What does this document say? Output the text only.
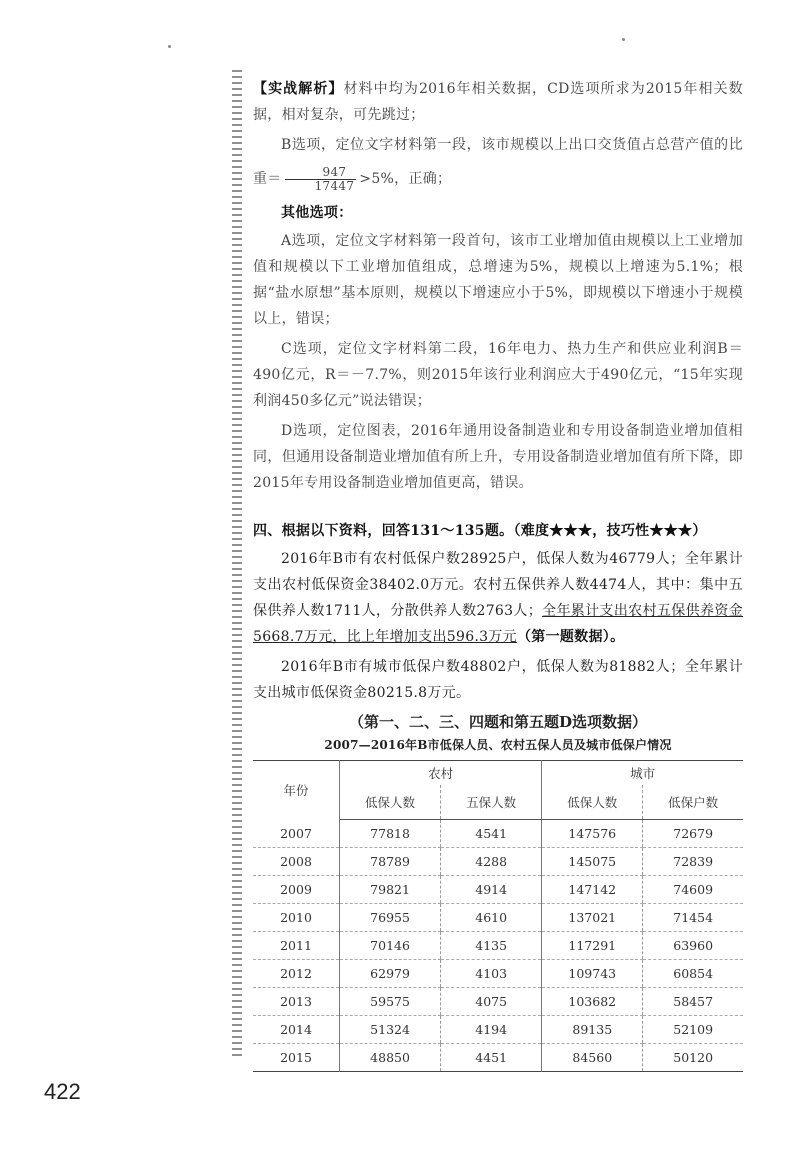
【实战解析】材料中均为2016年相关数据，CD选项所求为2015年相关数据，相对复杂，可先跳过；

B选项，定位文字材料第一段，该市规模以上出口交货值占总营产值的比重＝ $\frac{947}{17447} >5\%$，正确；

其他选项：

A选项，定位文字材料第一段首句，该市工业增加值由规模以上工业增加值和规模以下工业增加值组成，总增速为5%，规模以上增速为5.1%；根据“盐水原想”基本原则，规模以下增速应小于5%，即规模以下增速小于规模以上，错误；

C选项，定位文字材料第二段，16年电力、热力生产和供应业利润B＝490亿元，R＝－7.7%，则2015年该行业利润应大于490亿元，“15年实现利润450多亿元”说法错误；

D选项，定位图表，2016年通用设备制造业和专用设备制造业增加值相同，但通用设备制造业增加值有所上升，专用设备制造业增加值有所下降，即2015年专用设备制造业增加值更高，错误。

四、根据以下资料，回答131～135题。（难度★★★，技巧性★★★）

2016年B市有农村低保户数28925户，低保人数为46779人；全年累计支出农村低保资金38402.0万元。农村五保供养人数4474人，其中：集中五保供养人数1711人，分散供养人数2763人；全年累计支出农村五保供养资金5668.7万元，比上年增加支出596.3万元（第一题数据）。

2016年B市有城市低保户数48802户，低保人数为81882人；全年累计支出城市低保资金80215.8万元。

（第一、二、三、四题和第五题D选项数据）
2007—2016年B市低保人员、农村五保人员及城市低保户情况
年份	农村		城市	
	低保人数	五保人数	低保人数	低保户数
2007	77818	4541	147576	72679
2008	78789	4288	145075	72839
2009	79821	4914	147142	74609
2010	76955	4610	137021	71454
2011	70146	4135	117291	63960
2012	62979	4103	109743	60854
2013	59575	4075	103682	58457
2014	51324	4194	89135	52109
2015	48850	4451	84560	50120
422
